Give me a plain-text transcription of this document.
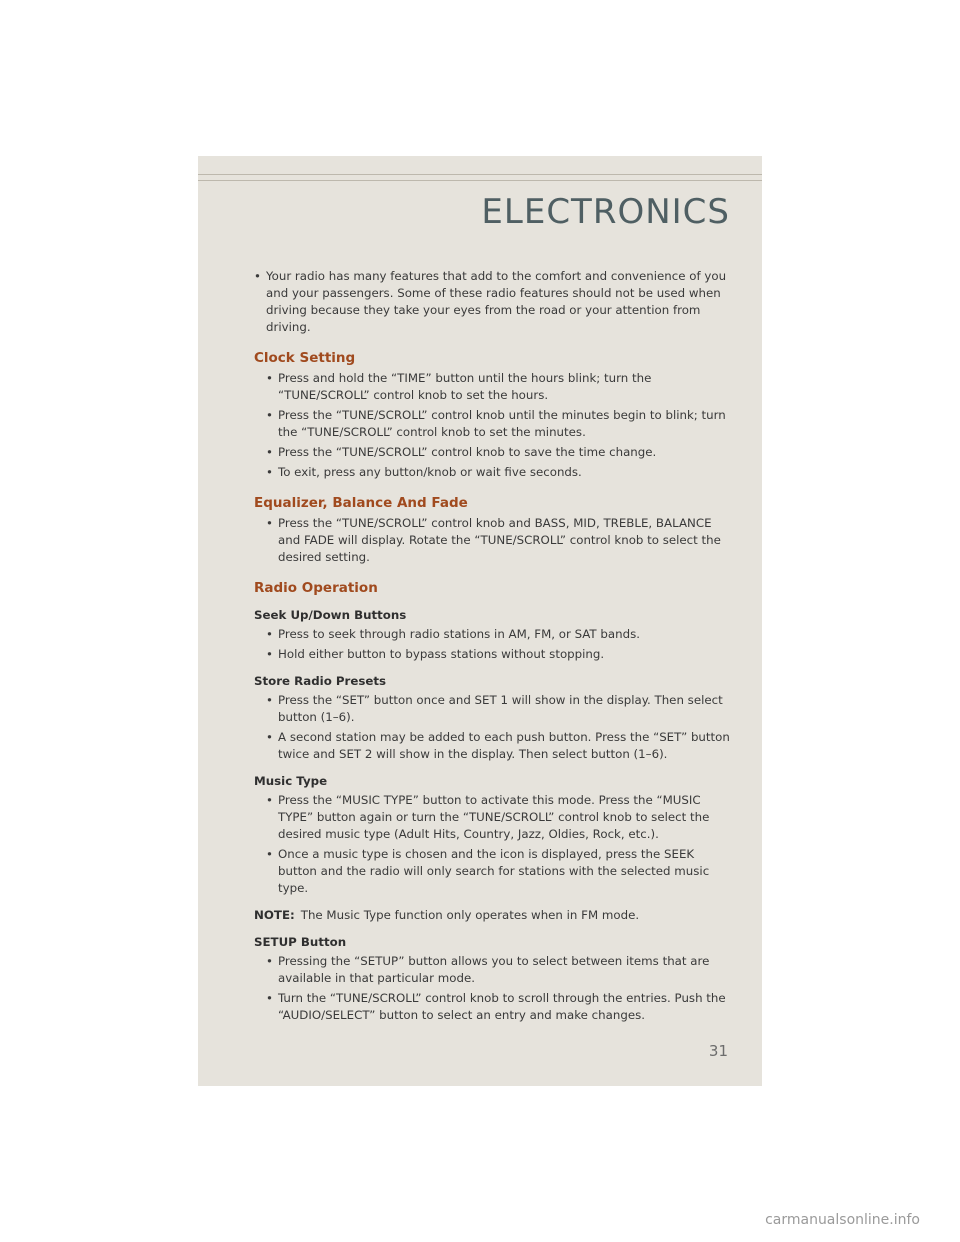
ELECTRONICS

• Your radio has many features that add to the comfort and convenience of you and your passengers. Some of these radio features should not be used when driving because they take your eyes from the road or your attention from driving.

Clock Setting

• Press and hold the “TIME” button until the hours blink; turn the “TUNE/SCROLL” control knob to set the hours.

• Press the “TUNE/SCROLL” control knob until the minutes begin to blink; turn the “TUNE/SCROLL” control knob to set the minutes.

• Press the “TUNE/SCROLL” control knob to save the time change.

• To exit, press any button/knob or wait five seconds.

Equalizer, Balance And Fade

• Press the “TUNE/SCROLL” control knob and BASS, MID, TREBLE, BALANCE and FADE will display. Rotate the “TUNE/SCROLL” control knob to select the desired setting.

Radio Operation
Seek Up/Down Buttons

• Press to seek through radio stations in AM, FM, or SAT bands.

• Hold either button to bypass stations without stopping.

Store Radio Presets

• Press the “SET” button once and SET 1 will show in the display. Then select button (1–6).

• A second station may be added to each push button. Press the “SET” button twice and SET 2 will show in the display. Then select button (1–6).

Music Type

• Press the “MUSIC TYPE” button to activate this mode. Press the “MUSIC TYPE” button again or turn the “TUNE/SCROLL” control knob to select the desired music type (Adult Hits, Country, Jazz, Oldies, Rock, etc.).

• Once a music type is chosen and the icon is displayed, press the SEEK button and the radio will only search for stations with the selected music type.

NOTE: The Music Type function only operates when in FM mode.

SETUP Button

• Pressing the “SETUP” button allows you to select between items that are available in that particular mode.

• Turn the “TUNE/SCROLL” control knob to scroll through the entries. Push the “AUDIO/SELECT” button to select an entry and make changes.

31
carmanualsonline.info
